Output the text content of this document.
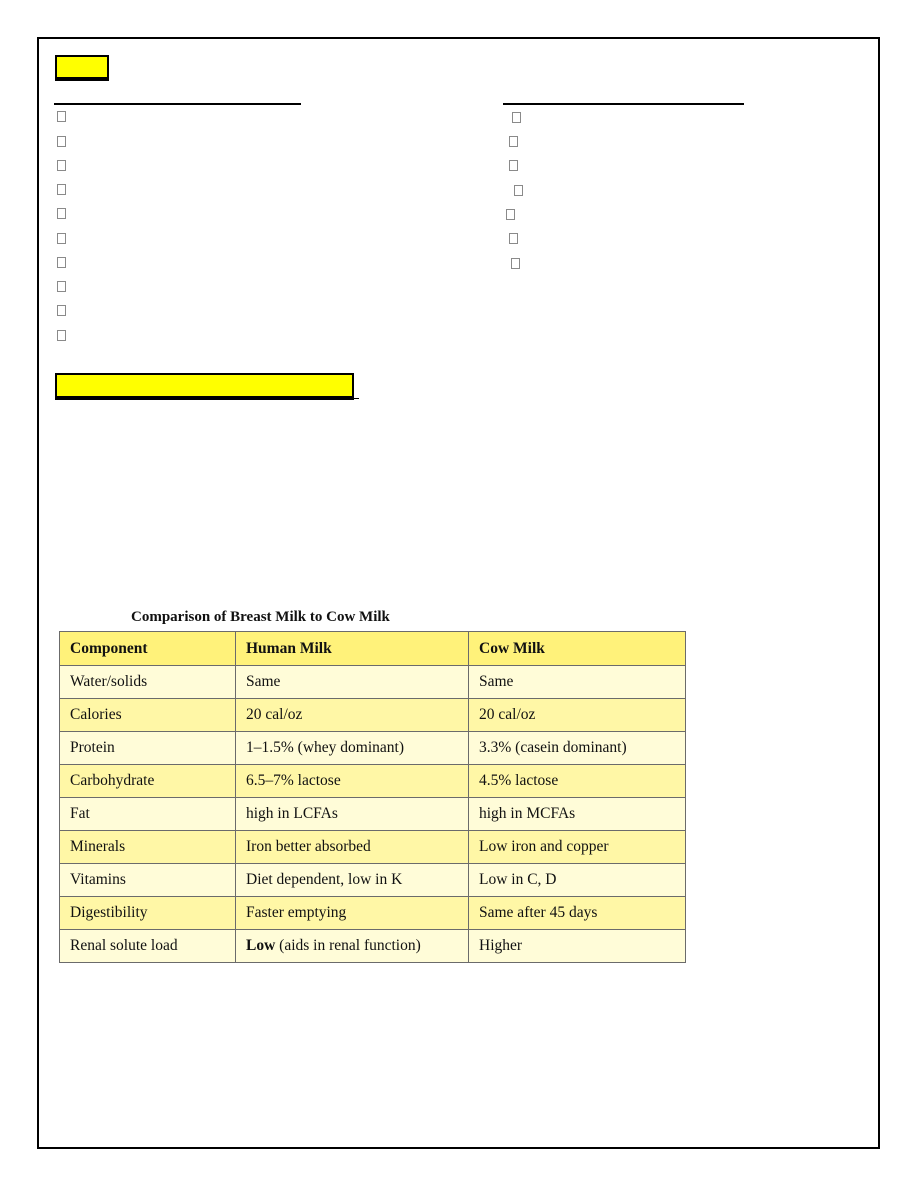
Comparison of Breast Milk to Cow Milk
Component	Human Milk	Cow Milk
Water/solids	Same	Same
Calories	20 cal/oz	20 cal/oz
Protein	1–1.5% (whey dominant)	3.3% (casein dominant)
Carbohydrate	6.5–7% lactose	4.5% lactose
Fat	high in LCFAs	high in MCFAs
Minerals	Iron better absorbed	Low iron and copper
Vitamins	Diet dependent, low in K	Low in C, D
Digestibility	Faster emptying	Same after 45 days
Renal solute load	Low (aids in renal function)	Higher
